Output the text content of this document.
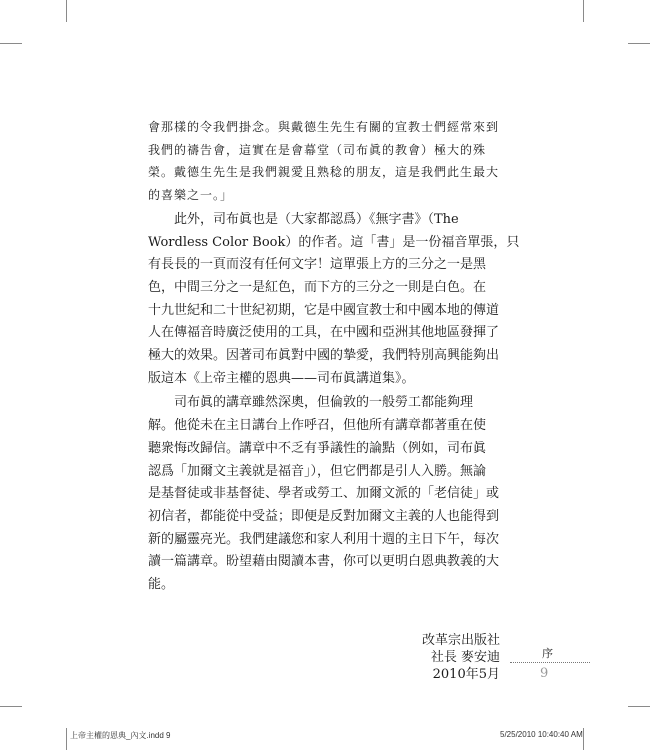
會那樣的令我們掛念。與戴德生先生有關的宣教士們經常來到
我們的禱告會，這實在是會幕堂（司布眞的教會）極大的殊
榮。戴德生先生是我們親愛且熟稔的朋友，這是我們此生最大
的喜樂之一。」

此外，司布眞也是（大家都認爲）《無字書》（The
Wordless Color Book）的作者。這「書」是一份福音單張，只
有長長的一頁而沒有任何文字！這單張上方的三分之一是黑
色，中間三分之一是紅色，而下方的三分之一則是白色。在
十九世紀和二十世紀初期，它是中國宣教士和中國本地的傳道
人在傳福音時廣泛使用的工具，在中國和亞洲其他地區發揮了
極大的效果。因著司布眞對中國的摯愛，我們特別高興能夠出
版這本《上帝主權的恩典——司布眞講道集》。

司布眞的講章雖然深奧，但倫敦的一般勞工都能夠理
解。他從未在主日講台上作呼召，但他所有講章都著重在使
聽衆悔改歸信。講章中不乏有爭議性的論點（例如，司布眞
認爲「加爾文主義就是福音」），但它們都是引人入勝。無論
是基督徒或非基督徒、學者或勞工、加爾文派的「老信徒」或
初信者，都能從中受益；即便是反對加爾文主義的人也能得到
新的屬靈亮光。我們建議您和家人利用十週的主日下午，每次
讀一篇講章。盼望藉由閱讀本書，你可以更明白恩典教義的大
能。

改革宗出版社
社長 麥安迪
2010年5月
序
9
上帝主權的恩典_內文.indd 9	5/25/2010 10:40:40 AM
